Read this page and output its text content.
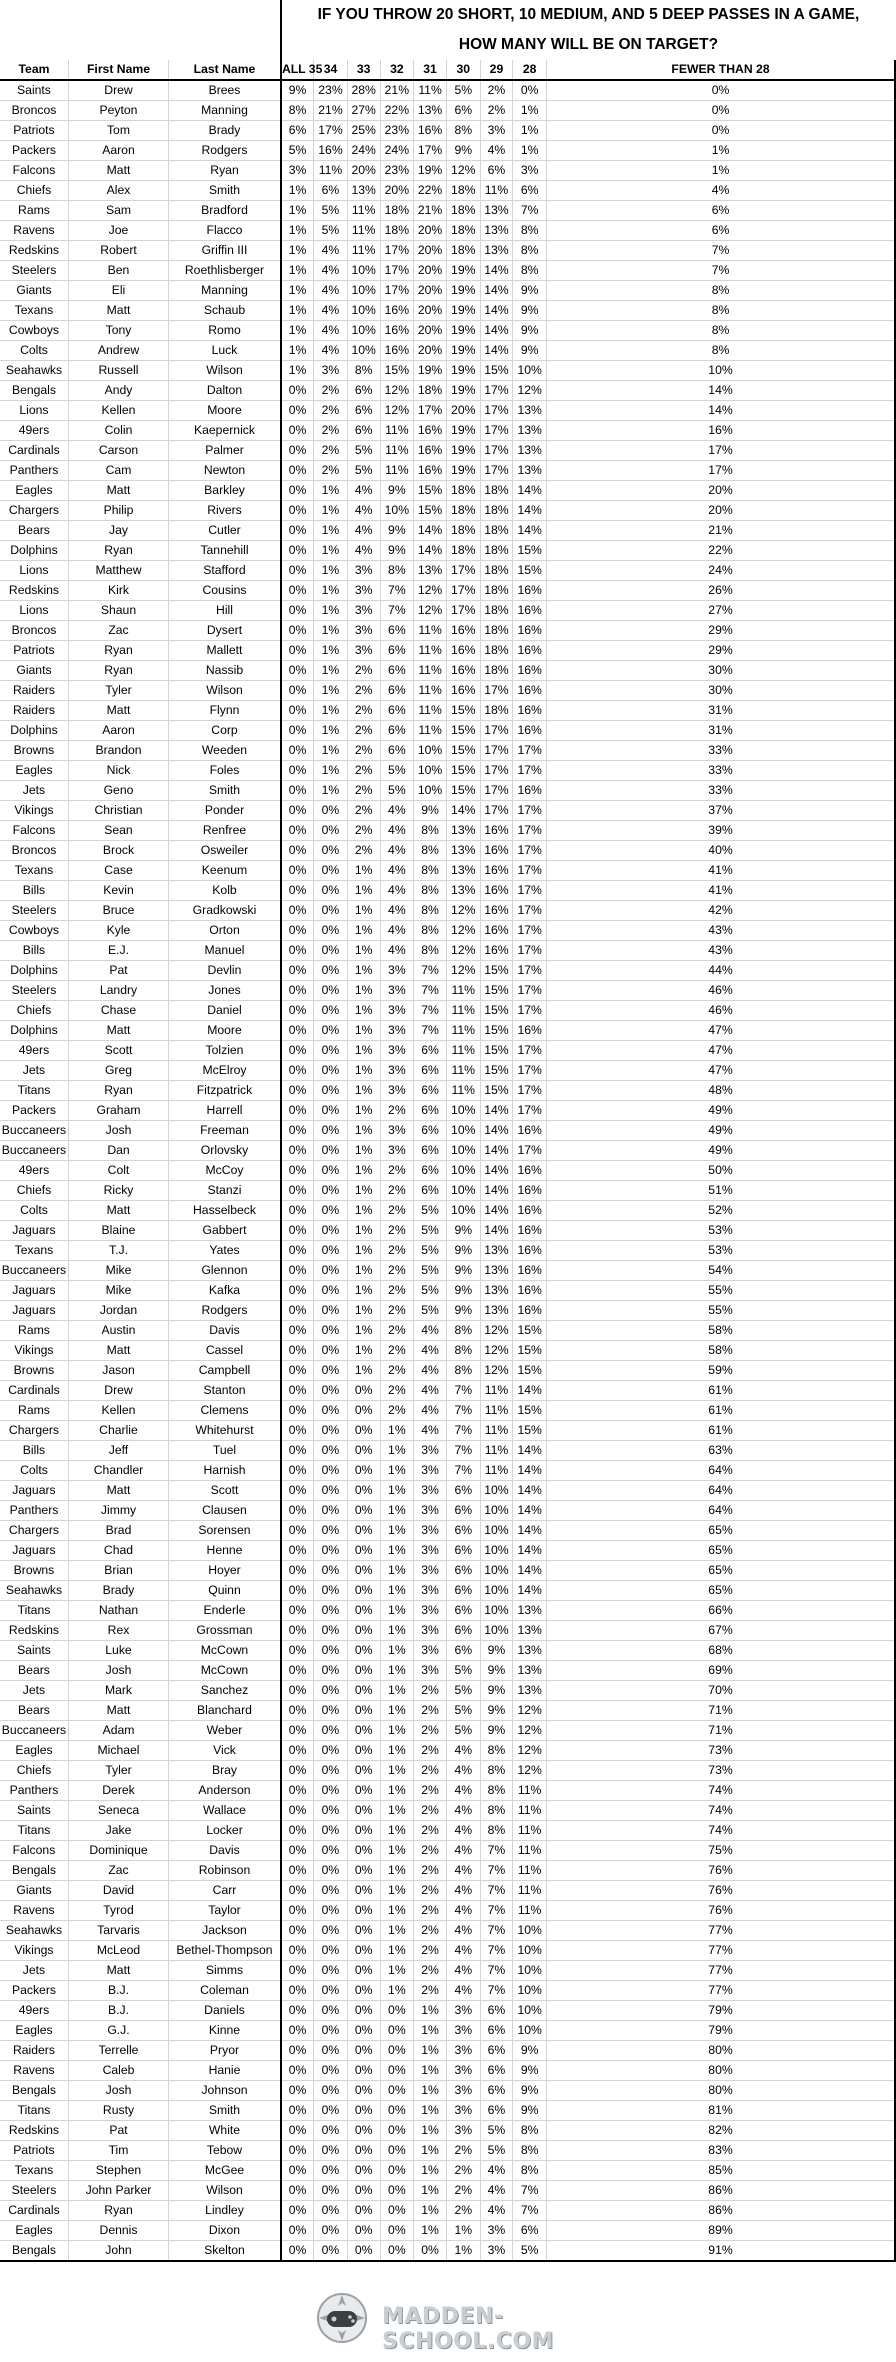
			IF YOU THROW 20 SHORT, 10 MEDIUM, AND 5 DEEP PASSES IN A GAME,								
			HOW MANY WILL BE ON TARGET?								
Team	First Name	Last Name	ALL 35	34	33	32	31	30	29	28	FEWER THAN 28
Saints	Drew	Brees	9%	23%	28%	21%	11%	5%	2%	0%	0%
Broncos	Peyton	Manning	8%	21%	27%	22%	13%	6%	2%	1%	0%
Patriots	Tom	Brady	6%	17%	25%	23%	16%	8%	3%	1%	0%
Packers	Aaron	Rodgers	5%	16%	24%	24%	17%	9%	4%	1%	1%
Falcons	Matt	Ryan	3%	11%	20%	23%	19%	12%	6%	3%	1%
Chiefs	Alex	Smith	1%	6%	13%	20%	22%	18%	11%	6%	4%
Rams	Sam	Bradford	1%	5%	11%	18%	21%	18%	13%	7%	6%
Ravens	Joe	Flacco	1%	5%	11%	18%	20%	18%	13%	8%	6%
Redskins	Robert	Griffin III	1%	4%	11%	17%	20%	18%	13%	8%	7%
Steelers	Ben	Roethlisberger	1%	4%	10%	17%	20%	19%	14%	8%	7%
Giants	Eli	Manning	1%	4%	10%	17%	20%	19%	14%	9%	8%
Texans	Matt	Schaub	1%	4%	10%	16%	20%	19%	14%	9%	8%
Cowboys	Tony	Romo	1%	4%	10%	16%	20%	19%	14%	9%	8%
Colts	Andrew	Luck	1%	4%	10%	16%	20%	19%	14%	9%	8%
Seahawks	Russell	Wilson	1%	3%	8%	15%	19%	19%	15%	10%	10%
Bengals	Andy	Dalton	0%	2%	6%	12%	18%	19%	17%	12%	14%
Lions	Kellen	Moore	0%	2%	6%	12%	17%	20%	17%	13%	14%
49ers	Colin	Kaepernick	0%	2%	6%	11%	16%	19%	17%	13%	16%
Cardinals	Carson	Palmer	0%	2%	5%	11%	16%	19%	17%	13%	17%
Panthers	Cam	Newton	0%	2%	5%	11%	16%	19%	17%	13%	17%
Eagles	Matt	Barkley	0%	1%	4%	9%	15%	18%	18%	14%	20%
Chargers	Philip	Rivers	0%	1%	4%	10%	15%	18%	18%	14%	20%
Bears	Jay	Cutler	0%	1%	4%	9%	14%	18%	18%	14%	21%
Dolphins	Ryan	Tannehill	0%	1%	4%	9%	14%	18%	18%	15%	22%
Lions	Matthew	Stafford	0%	1%	3%	8%	13%	17%	18%	15%	24%
Redskins	Kirk	Cousins	0%	1%	3%	7%	12%	17%	18%	16%	26%
Lions	Shaun	Hill	0%	1%	3%	7%	12%	17%	18%	16%	27%
Broncos	Zac	Dysert	0%	1%	3%	6%	11%	16%	18%	16%	29%
Patriots	Ryan	Mallett	0%	1%	3%	6%	11%	16%	18%	16%	29%
Giants	Ryan	Nassib	0%	1%	2%	6%	11%	16%	18%	16%	30%
Raiders	Tyler	Wilson	0%	1%	2%	6%	11%	16%	17%	16%	30%
Raiders	Matt	Flynn	0%	1%	2%	6%	11%	15%	18%	16%	31%
Dolphins	Aaron	Corp	0%	1%	2%	6%	11%	15%	17%	16%	31%
Browns	Brandon	Weeden	0%	1%	2%	6%	10%	15%	17%	17%	33%
Eagles	Nick	Foles	0%	1%	2%	5%	10%	15%	17%	17%	33%
Jets	Geno	Smith	0%	1%	2%	5%	10%	15%	17%	16%	33%
Vikings	Christian	Ponder	0%	0%	2%	4%	9%	14%	17%	17%	37%
Falcons	Sean	Renfree	0%	0%	2%	4%	8%	13%	16%	17%	39%
Broncos	Brock	Osweiler	0%	0%	2%	4%	8%	13%	16%	17%	40%
Texans	Case	Keenum	0%	0%	1%	4%	8%	13%	16%	17%	41%
Bills	Kevin	Kolb	0%	0%	1%	4%	8%	13%	16%	17%	41%
Steelers	Bruce	Gradkowski	0%	0%	1%	4%	8%	12%	16%	17%	42%
Cowboys	Kyle	Orton	0%	0%	1%	4%	8%	12%	16%	17%	43%
Bills	E.J.	Manuel	0%	0%	1%	4%	8%	12%	16%	17%	43%
Dolphins	Pat	Devlin	0%	0%	1%	3%	7%	12%	15%	17%	44%
Steelers	Landry	Jones	0%	0%	1%	3%	7%	11%	15%	17%	46%
Chiefs	Chase	Daniel	0%	0%	1%	3%	7%	11%	15%	17%	46%
Dolphins	Matt	Moore	0%	0%	1%	3%	7%	11%	15%	16%	47%
49ers	Scott	Tolzien	0%	0%	1%	3%	6%	11%	15%	17%	47%
Jets	Greg	McElroy	0%	0%	1%	3%	6%	11%	15%	17%	47%
Titans	Ryan	Fitzpatrick	0%	0%	1%	3%	6%	11%	15%	17%	48%
Packers	Graham	Harrell	0%	0%	1%	2%	6%	10%	14%	17%	49%
Buccaneers	Josh	Freeman	0%	0%	1%	3%	6%	10%	14%	16%	49%
Buccaneers	Dan	Orlovsky	0%	0%	1%	3%	6%	10%	14%	17%	49%
49ers	Colt	McCoy	0%	0%	1%	2%	6%	10%	14%	16%	50%
Chiefs	Ricky	Stanzi	0%	0%	1%	2%	6%	10%	14%	16%	51%
Colts	Matt	Hasselbeck	0%	0%	1%	2%	5%	10%	14%	16%	52%
Jaguars	Blaine	Gabbert	0%	0%	1%	2%	5%	9%	14%	16%	53%
Texans	T.J.	Yates	0%	0%	1%	2%	5%	9%	13%	16%	53%
Buccaneers	Mike	Glennon	0%	0%	1%	2%	5%	9%	13%	16%	54%
Jaguars	Mike	Kafka	0%	0%	1%	2%	5%	9%	13%	16%	55%
Jaguars	Jordan	Rodgers	0%	0%	1%	2%	5%	9%	13%	16%	55%
Rams	Austin	Davis	0%	0%	1%	2%	4%	8%	12%	15%	58%
Vikings	Matt	Cassel	0%	0%	1%	2%	4%	8%	12%	15%	58%
Browns	Jason	Campbell	0%	0%	1%	2%	4%	8%	12%	15%	59%
Cardinals	Drew	Stanton	0%	0%	0%	2%	4%	7%	11%	14%	61%
Rams	Kellen	Clemens	0%	0%	0%	2%	4%	7%	11%	15%	61%
Chargers	Charlie	Whitehurst	0%	0%	0%	1%	4%	7%	11%	15%	61%
Bills	Jeff	Tuel	0%	0%	0%	1%	3%	7%	11%	14%	63%
Colts	Chandler	Harnish	0%	0%	0%	1%	3%	7%	11%	14%	64%
Jaguars	Matt	Scott	0%	0%	0%	1%	3%	6%	10%	14%	64%
Panthers	Jimmy	Clausen	0%	0%	0%	1%	3%	6%	10%	14%	64%
Chargers	Brad	Sorensen	0%	0%	0%	1%	3%	6%	10%	14%	65%
Jaguars	Chad	Henne	0%	0%	0%	1%	3%	6%	10%	14%	65%
Browns	Brian	Hoyer	0%	0%	0%	1%	3%	6%	10%	14%	65%
Seahawks	Brady	Quinn	0%	0%	0%	1%	3%	6%	10%	14%	65%
Titans	Nathan	Enderle	0%	0%	0%	1%	3%	6%	10%	13%	66%
Redskins	Rex	Grossman	0%	0%	0%	1%	3%	6%	10%	13%	67%
Saints	Luke	McCown	0%	0%	0%	1%	3%	6%	9%	13%	68%
Bears	Josh	McCown	0%	0%	0%	1%	3%	5%	9%	13%	69%
Jets	Mark	Sanchez	0%	0%	0%	1%	2%	5%	9%	13%	70%
Bears	Matt	Blanchard	0%	0%	0%	1%	2%	5%	9%	12%	71%
Buccaneers	Adam	Weber	0%	0%	0%	1%	2%	5%	9%	12%	71%
Eagles	Michael	Vick	0%	0%	0%	1%	2%	4%	8%	12%	73%
Chiefs	Tyler	Bray	0%	0%	0%	1%	2%	4%	8%	12%	73%
Panthers	Derek	Anderson	0%	0%	0%	1%	2%	4%	8%	11%	74%
Saints	Seneca	Wallace	0%	0%	0%	1%	2%	4%	8%	11%	74%
Titans	Jake	Locker	0%	0%	0%	1%	2%	4%	8%	11%	74%
Falcons	Dominique	Davis	0%	0%	0%	1%	2%	4%	7%	11%	75%
Bengals	Zac	Robinson	0%	0%	0%	1%	2%	4%	7%	11%	76%
Giants	David	Carr	0%	0%	0%	1%	2%	4%	7%	11%	76%
Ravens	Tyrod	Taylor	0%	0%	0%	1%	2%	4%	7%	11%	76%
Seahawks	Tarvaris	Jackson	0%	0%	0%	1%	2%	4%	7%	10%	77%
Vikings	McLeod	Bethel-Thompson	0%	0%	0%	1%	2%	4%	7%	10%	77%
Jets	Matt	Simms	0%	0%	0%	1%	2%	4%	7%	10%	77%
Packers	B.J.	Coleman	0%	0%	0%	1%	2%	4%	7%	10%	77%
49ers	B.J.	Daniels	0%	0%	0%	0%	1%	3%	6%	10%	79%
Eagles	G.J.	Kinne	0%	0%	0%	0%	1%	3%	6%	10%	79%
Raiders	Terrelle	Pryor	0%	0%	0%	0%	1%	3%	6%	9%	80%
Ravens	Caleb	Hanie	0%	0%	0%	0%	1%	3%	6%	9%	80%
Bengals	Josh	Johnson	0%	0%	0%	0%	1%	3%	6%	9%	80%
Titans	Rusty	Smith	0%	0%	0%	0%	1%	3%	6%	9%	81%
Redskins	Pat	White	0%	0%	0%	0%	1%	3%	5%	8%	82%
Patriots	Tim	Tebow	0%	0%	0%	0%	1%	2%	5%	8%	83%
Texans	Stephen	McGee	0%	0%	0%	0%	1%	2%	4%	8%	85%
Steelers	John Parker	Wilson	0%	0%	0%	0%	1%	2%	4%	7%	86%
Cardinals	Ryan	Lindley	0%	0%	0%	0%	1%	2%	4%	7%	86%
Eagles	Dennis	Dixon	0%	0%	0%	0%	1%	1%	3%	6%	89%
Bengals	John	Skelton	0%	0%	0%	0%	0%	1%	3%	5%	91%
MADDEN-SCHOOL.COM
